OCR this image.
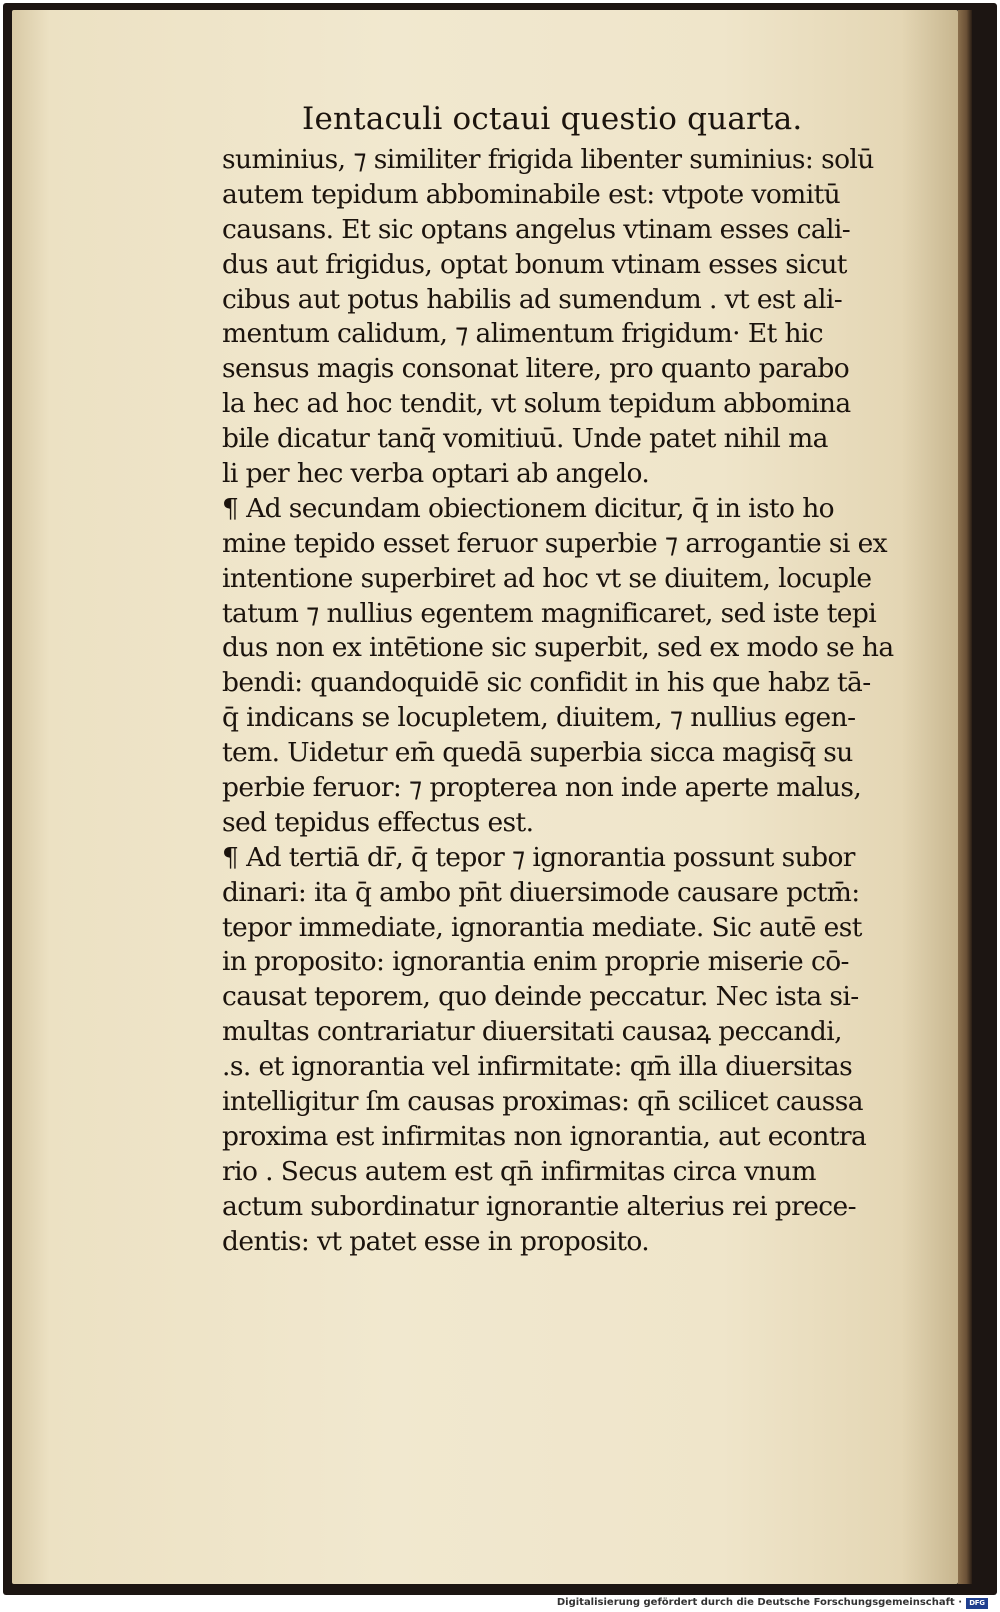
Ientaculi octaui questio quarta.
suminius, ⁊ similiter frigida libenter suminius: solū
autem tepidum abbominabile est: vtpote vomitū
causans. Et sic optans angelus vtinam esses cali-
dus aut frigidus, optat bonum vtinam esses sicut
cibus aut potus habilis ad sumendum . vt est ali-
mentum calidum, ⁊ alimentum frigidum· Et hic
sensus magis consonat litere, pro quanto parabo
la hec ad hoc tendit, vt solum tepidum abbomina
bile dicatur tanq̄ vomitiuū. Unde patet nihil ma
li per hec verba optari ab angelo.
¶ Ad secundam obiectionem dicitur, q̄ in isto ho
mine tepido esset feruor superbie ⁊ arrogantie si ex
intentione superbiret ad hoc vt se diuitem, locuple
tatum ⁊ nullius egentem magnificaret, sed iste tepi
dus non ex intētione sic superbit, sed ex modo se ha
bendi: quandoquidē sic confidit in his que habz tā-
q̄ indicans se locupletem, diuitem, ⁊ nullius egen-
tem. Uidetur em̄ quedā superbia sicca magisq̄ su
perbie feruor: ⁊ propterea non inde aperte malus,
sed tepidus effectus est.
¶ Ad tertiā dr̄, q̄ tepor ⁊ ignorantia possunt subor
dinari: ita q̄ ambo pn̄t diuersimode causare pctm̄:
tepor immediate, ignorantia mediate. Sic autē est
in proposito: ignorantia enim proprie miserie cō-
causat teporem, quo deinde peccatur. Nec ista si-
multas contrariatur diuersitati causaꝝ peccandi,
.s. et ignorantia vel infirmitate: qm̄ illa diuersitas
intelligitur ſm causas proximas: qn̄ scilicet caussa
proxima est infirmitas non ignorantia, aut econtra
rio . Secus autem est qn̄ infirmitas circa vnum
actum subordinatur ignorantie alterius rei prece-
dentis: vt patet esse in proposito.
Digitalisierung gefördert durch die Deutsche Forschungsgemeinschaft ·	DFG
